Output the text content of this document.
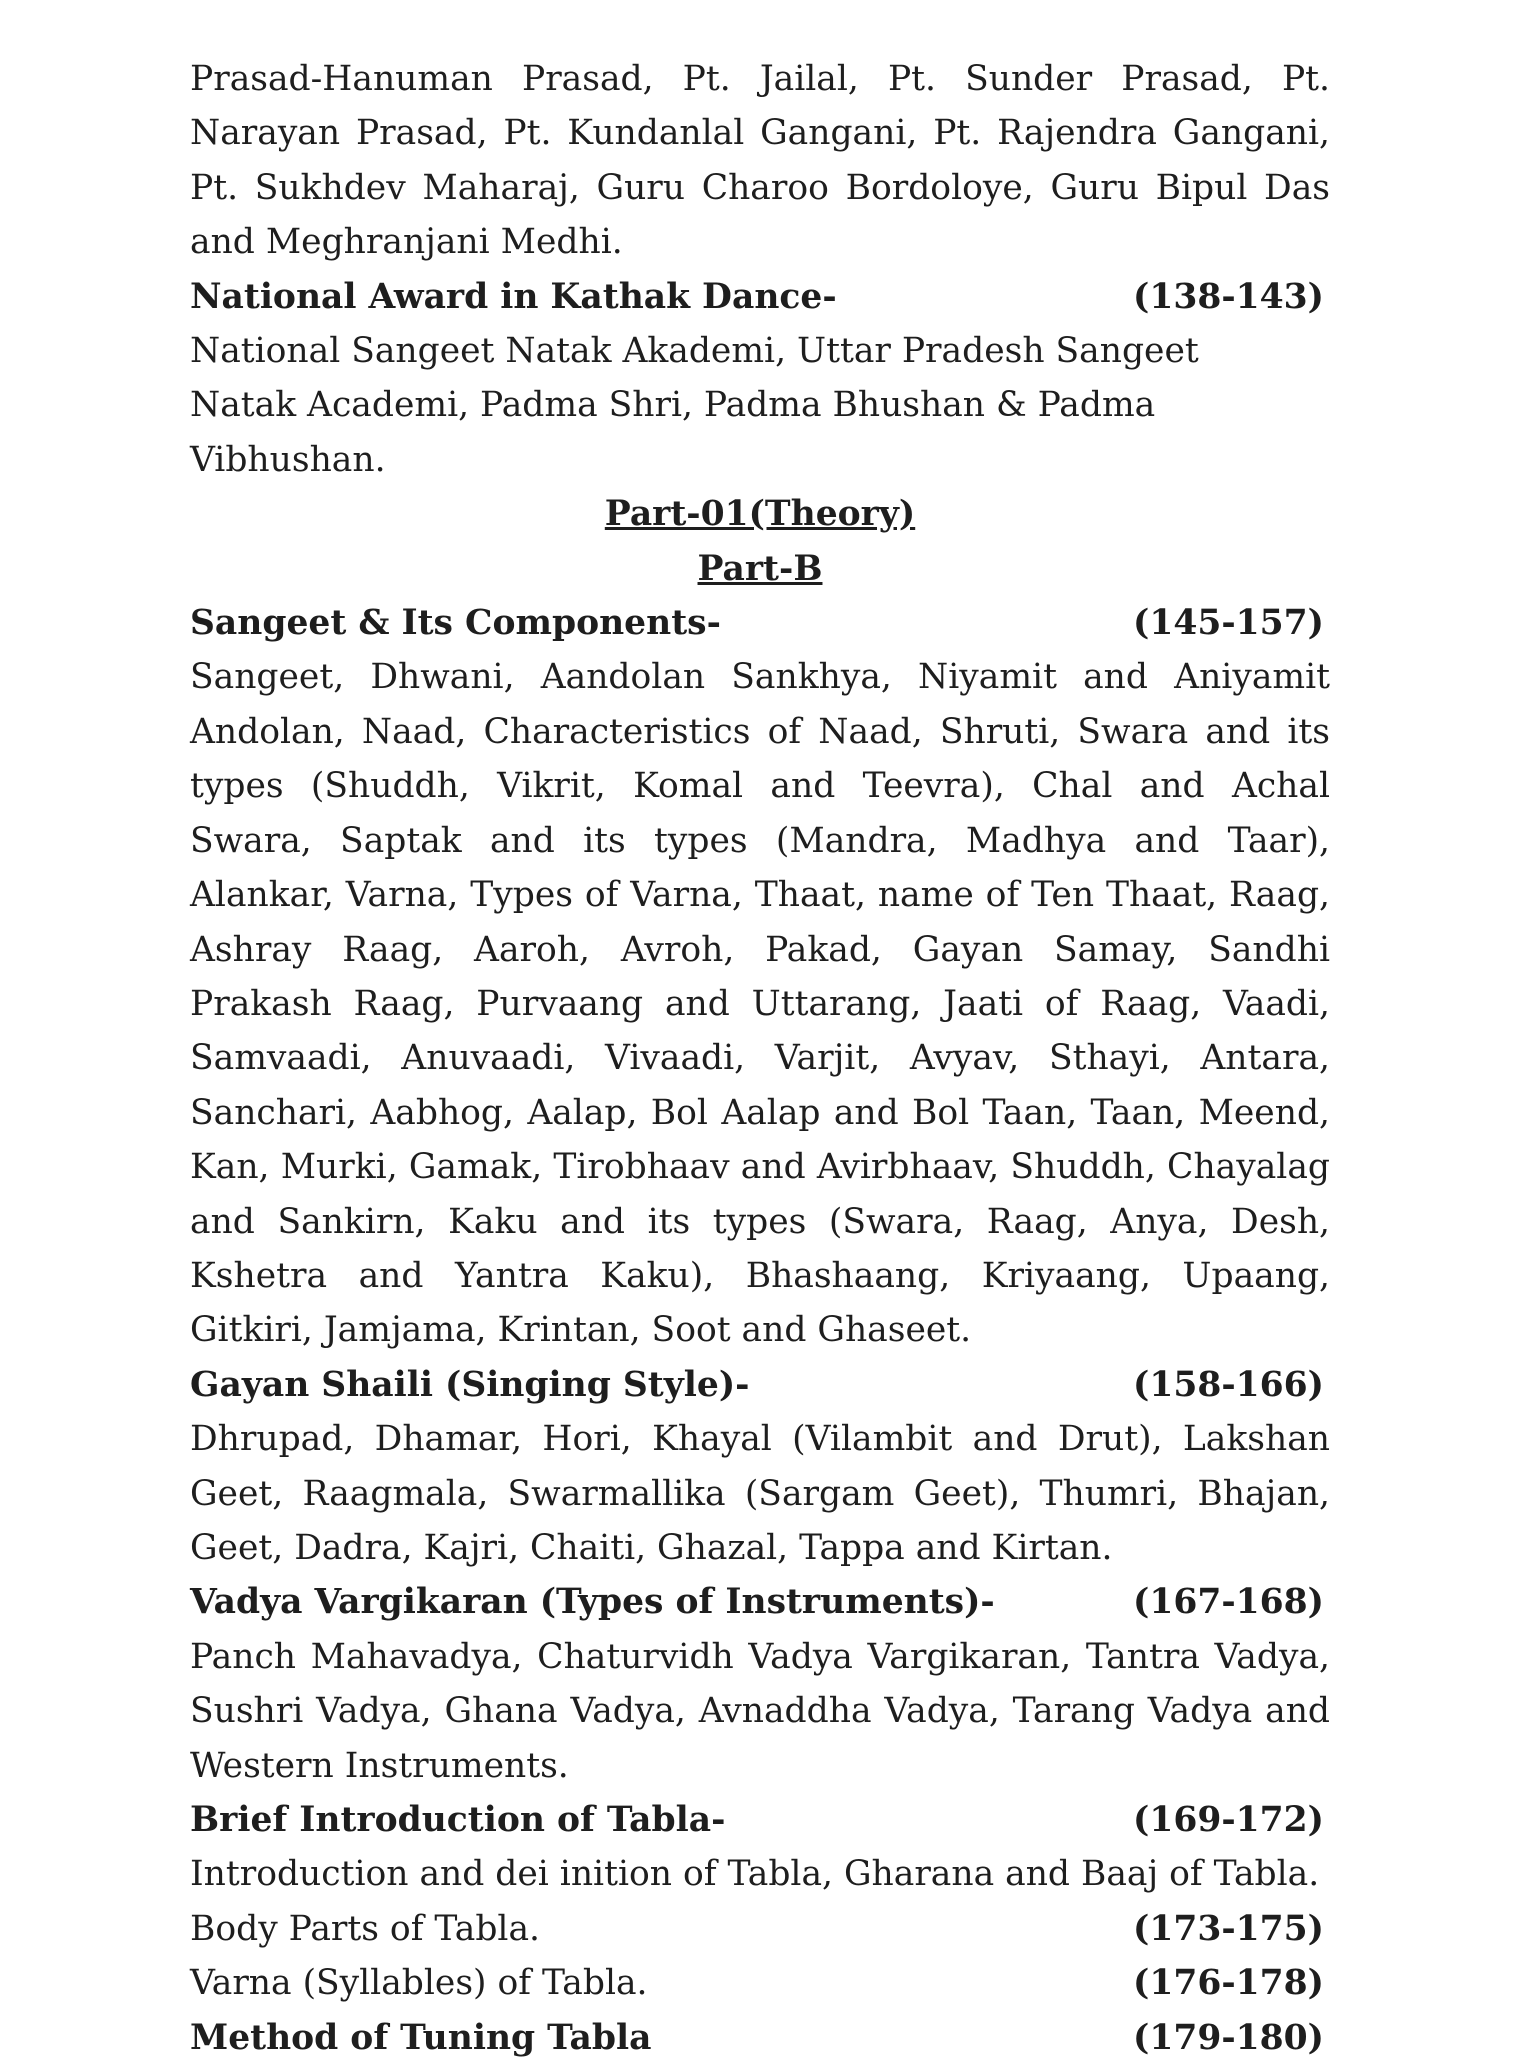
Prasad-Hanuman Prasad, Pt. Jailal, Pt. Sunder Prasad, Pt. Narayan Prasad, Pt. Kundanlal Gangani, Pt. Rajendra Gangani, Pt. Sukhdev Maharaj, Guru Charoo Bordoloye, Guru Bipul Das and Meghranjani Medhi.

National Award in Kathak Dance-	(138-143)

National Sangeet Natak Akademi, Uttar Pradesh Sangeet

Natak Academi, Padma Shri, Padma Bhushan & Padma Vibhushan.

Part-01(Theory)
Part-B
Sangeet & Its Components-	(145-157)

Sangeet, Dhwani, Aandolan Sankhya, Niyamit and Aniyamit Andolan, Naad, Characteristics of Naad, Shruti, Swara and its types (Shuddh, Vikrit, Komal and Teevra), Chal and Achal Swara, Saptak and its types (Mandra, Madhya and Taar), Alankar, Varna, Types of Varna, Thaat, name of Ten Thaat, Raag, Ashray Raag, Aaroh, Avroh, Pakad, Gayan Samay, Sandhi Prakash Raag, Purvaang and Uttarang, Jaati of Raag, Vaadi, Samvaadi, Anuvaadi, Vivaadi, Varjit, Avyav, Sthayi, Antara, Sanchari, Aabhog, Aalap, Bol Aalap and Bol Taan, Taan, Meend, Kan, Murki, Gamak, Tirobhaav and Avirbhaav, Shuddh, Chayalag and Sankirn, Kaku and its types (Swara, Raag, Anya, Desh, Kshetra and Yantra Kaku), Bhashaang, Kriyaang, Upaang, Gitkiri, Jamjama, Krintan, Soot and Ghaseet.

Gayan Shaili (Singing Style)-	(158-166)

Dhrupad, Dhamar, Hori, Khayal (Vilambit and Drut), Lakshan Geet, Raagmala, Swarmallika (Sargam Geet), Thumri, Bhajan, Geet, Dadra, Kajri, Chaiti, Ghazal, Tappa and Kirtan.

Vadya Vargikaran (Types of Instruments)-	(167-168)

Panch Mahavadya, Chaturvidh Vadya Vargikaran, Tantra Vadya, Sushri Vadya, Ghana Vadya, Avnaddha Vadya, Tarang Vadya and Western Instruments.

Brief Introduction of Tabla-	(169-172)

Introduction and dei inition of Tabla, Gharana and Baaj of Tabla.

Body Parts of Tabla.	(173-175)
Varna (Syllables) of Tabla.	(176-178)
Method of Tuning Tabla	(179-180)
